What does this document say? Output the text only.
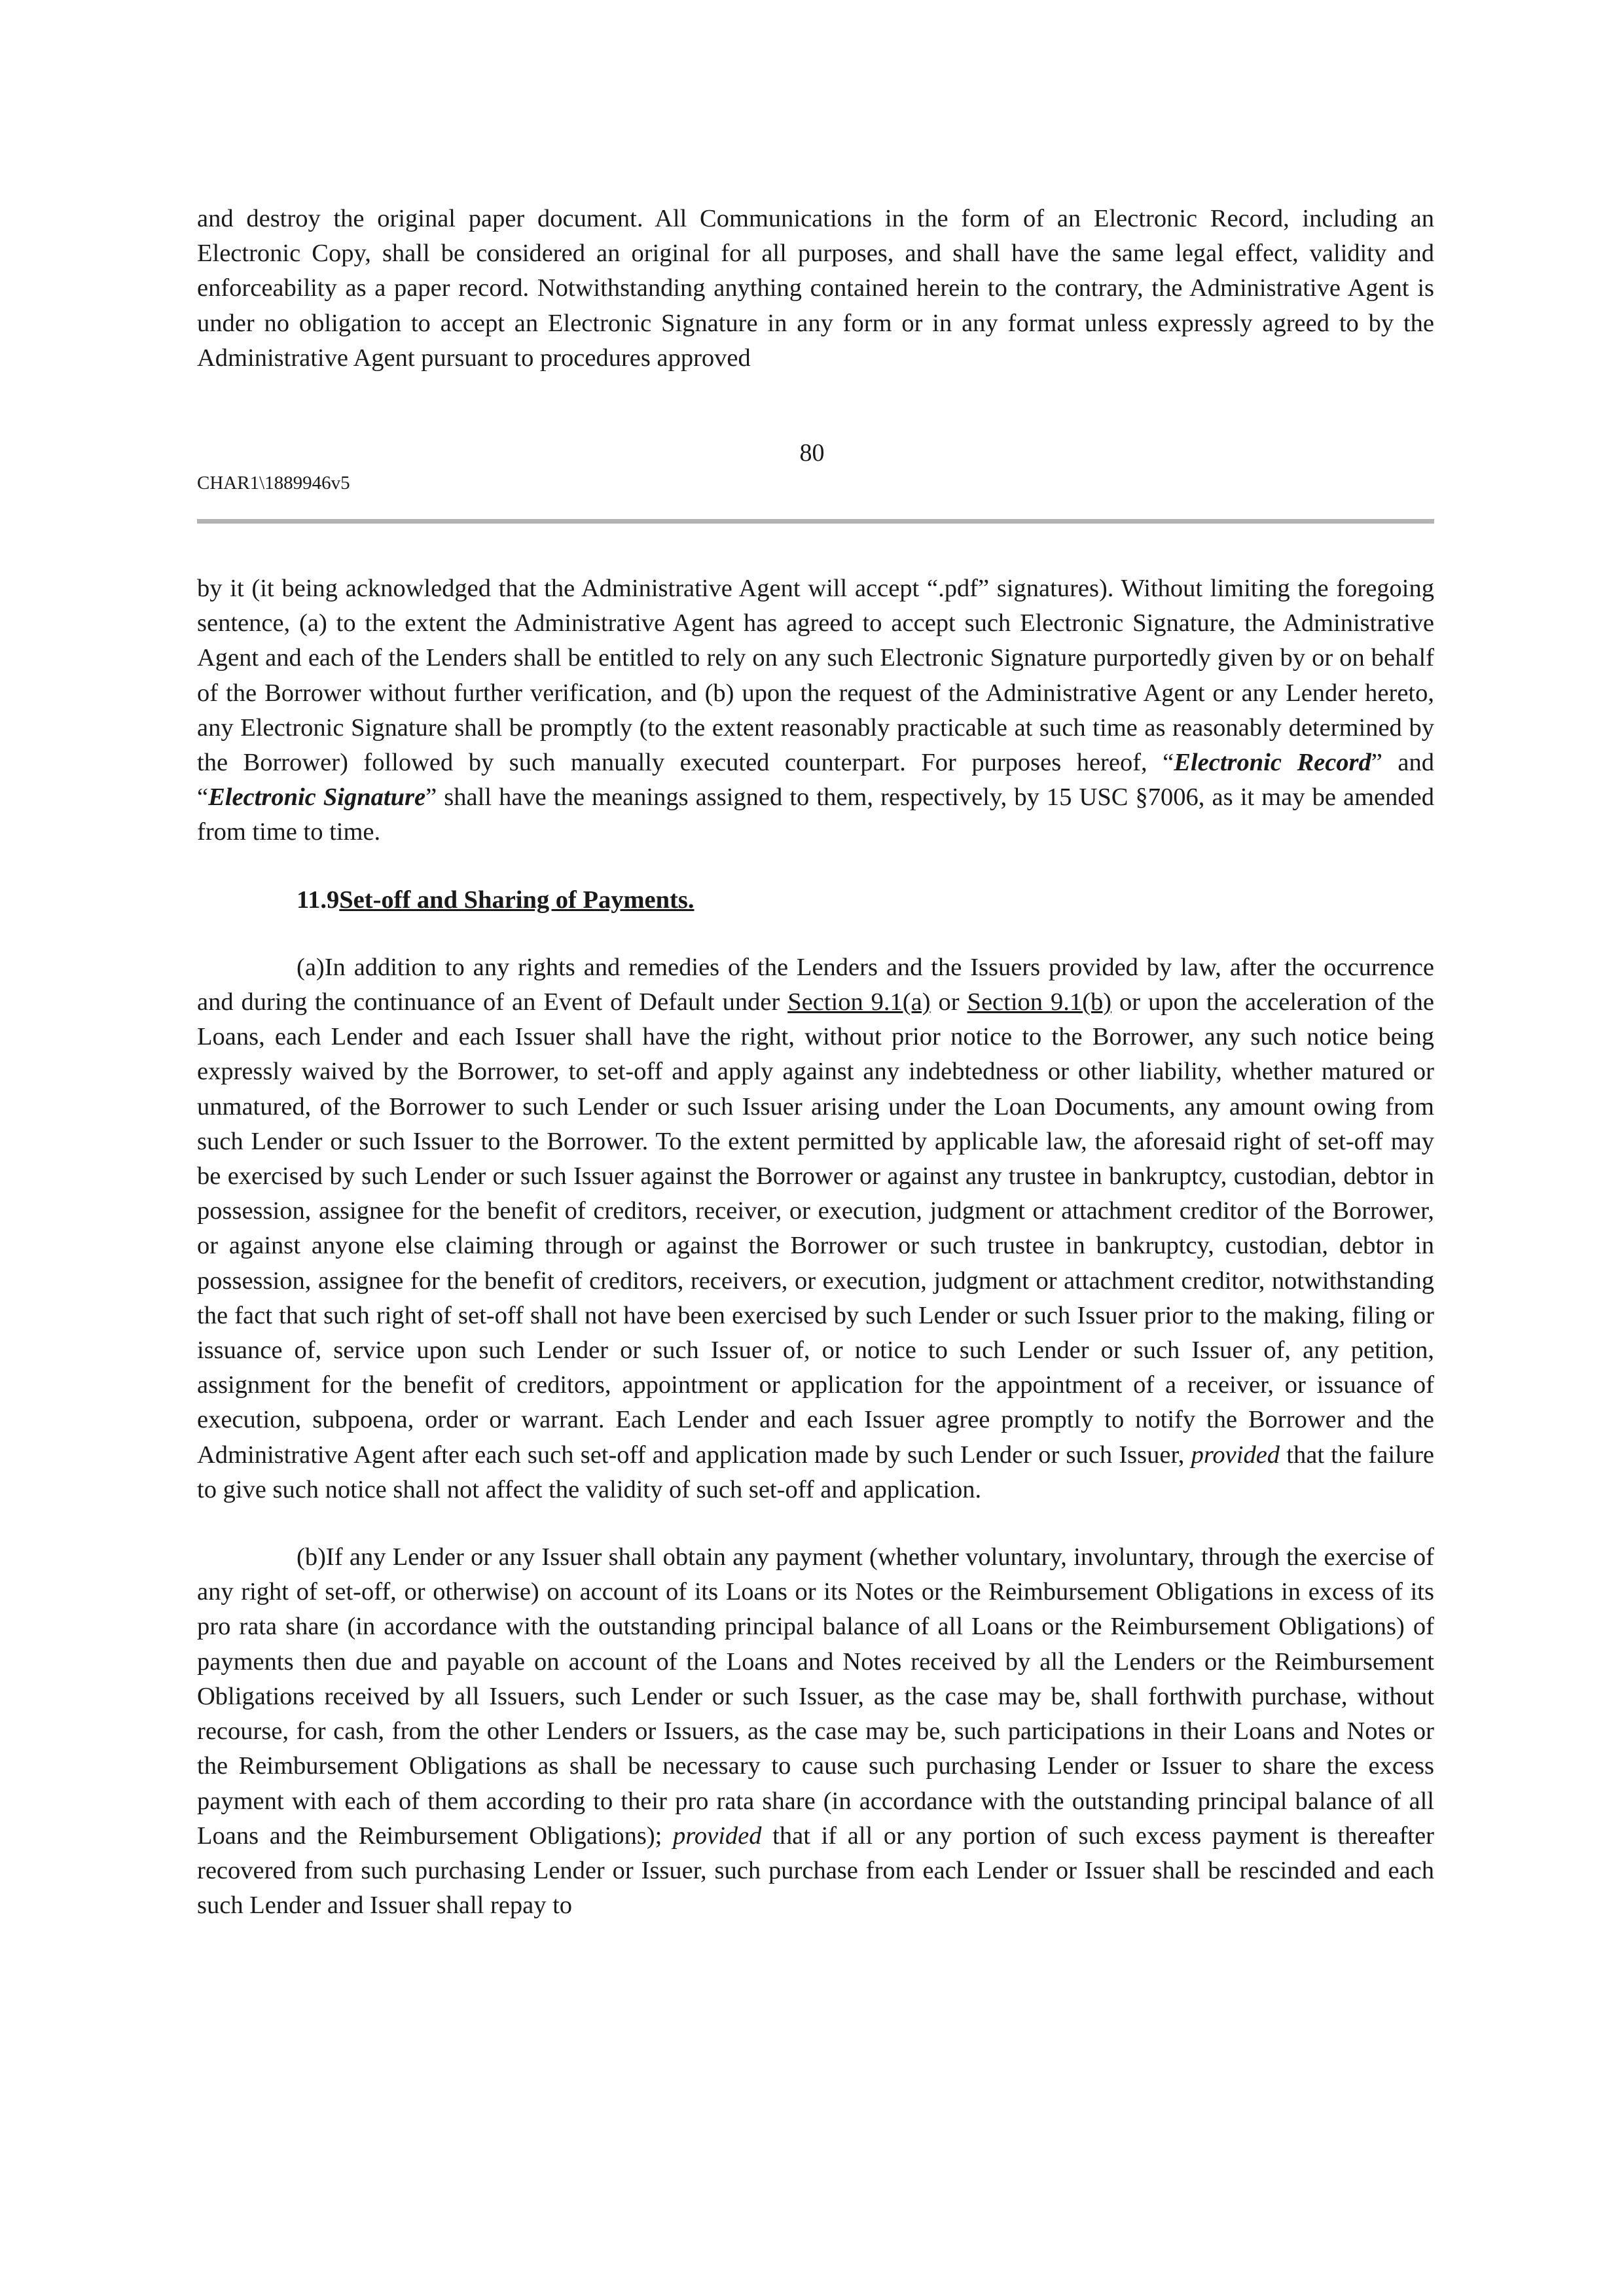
and destroy the original paper document. All Communications in the form of an Electronic Record, including an Electronic Copy, shall be considered an original for all purposes, and shall have the same legal effect, validity and enforceability as a paper record. Notwithstanding anything contained herein to the contrary, the Administrative Agent is under no obligation to accept an Electronic Signature in any form or in any format unless expressly agreed to by the Administrative Agent pursuant to procedures approved

80

CHAR1\1889946v5

by it (it being acknowledged that the Administrative Agent will accept “.pdf” signatures). Without limiting the foregoing sentence, (a) to the extent the Administrative Agent has agreed to accept such Electronic Signature, the Administrative Agent and each of the Lenders shall be entitled to rely on any such Electronic Signature purportedly given by or on behalf of the Borrower without further verification, and (b) upon the request of the Administrative Agent or any Lender hereto, any Electronic Signature shall be promptly (to the extent reasonably practicable at such time as reasonably determined by the Borrower) followed by such manually executed counterpart. For purposes hereof, “Electronic Record” and “Electronic Signature” shall have the meanings assigned to them, respectively, by 15 USC §7006, as it may be amended from time to time.

11.9Set-off and Sharing of Payments.

(a)In addition to any rights and remedies of the Lenders and the Issuers provided by law, after the occurrence and during the continuance of an Event of Default under Section 9.1(a) or Section 9.1(b) or upon the acceleration of the Loans, each Lender and each Issuer shall have the right, without prior notice to the Borrower, any such notice being expressly waived by the Borrower, to set-off and apply against any indebtedness or other liability, whether matured or unmatured, of the Borrower to such Lender or such Issuer arising under the Loan Documents, any amount owing from such Lender or such Issuer to the Borrower. To the extent permitted by applicable law, the aforesaid right of set-off may be exercised by such Lender or such Issuer against the Borrower or against any trustee in bankruptcy, custodian, debtor in possession, assignee for the benefit of creditors, receiver, or execution, judgment or attachment creditor of the Borrower, or against anyone else claiming through or against the Borrower or such trustee in bankruptcy, custodian, debtor in possession, assignee for the benefit of creditors, receivers, or execution, judgment or attachment creditor, notwithstanding the fact that such right of set-off shall not have been exercised by such Lender or such Issuer prior to the making, filing or issuance of, service upon such Lender or such Issuer of, or notice to such Lender or such Issuer of, any petition, assignment for the benefit of creditors, appointment or application for the appointment of a receiver, or issuance of execution, subpoena, order or warrant. Each Lender and each Issuer agree promptly to notify the Borrower and the Administrative Agent after each such set-off and application made by such Lender or such Issuer, provided that the failure to give such notice shall not affect the validity of such set-off and application.

(b)If any Lender or any Issuer shall obtain any payment (whether voluntary, involuntary, through the exercise of any right of set-off, or otherwise) on account of its Loans or its Notes or the Reimbursement Obligations in excess of its pro rata share (in accordance with the outstanding principal balance of all Loans or the Reimbursement Obligations) of payments then due and payable on account of the Loans and Notes received by all the Lenders or the Reimbursement Obligations received by all Issuers, such Lender or such Issuer, as the case may be, shall forthwith purchase, without recourse, for cash, from the other Lenders or Issuers, as the case may be, such participations in their Loans and Notes or the Reimbursement Obligations as shall be necessary to cause such purchasing Lender or Issuer to share the excess payment with each of them according to their pro rata share (in accordance with the outstanding principal balance of all Loans and the Reimbursement Obligations); provided that if all or any portion of such excess payment is thereafter recovered from such purchasing Lender or Issuer, such purchase from each Lender or Issuer shall be rescinded and each such Lender and Issuer shall repay to
